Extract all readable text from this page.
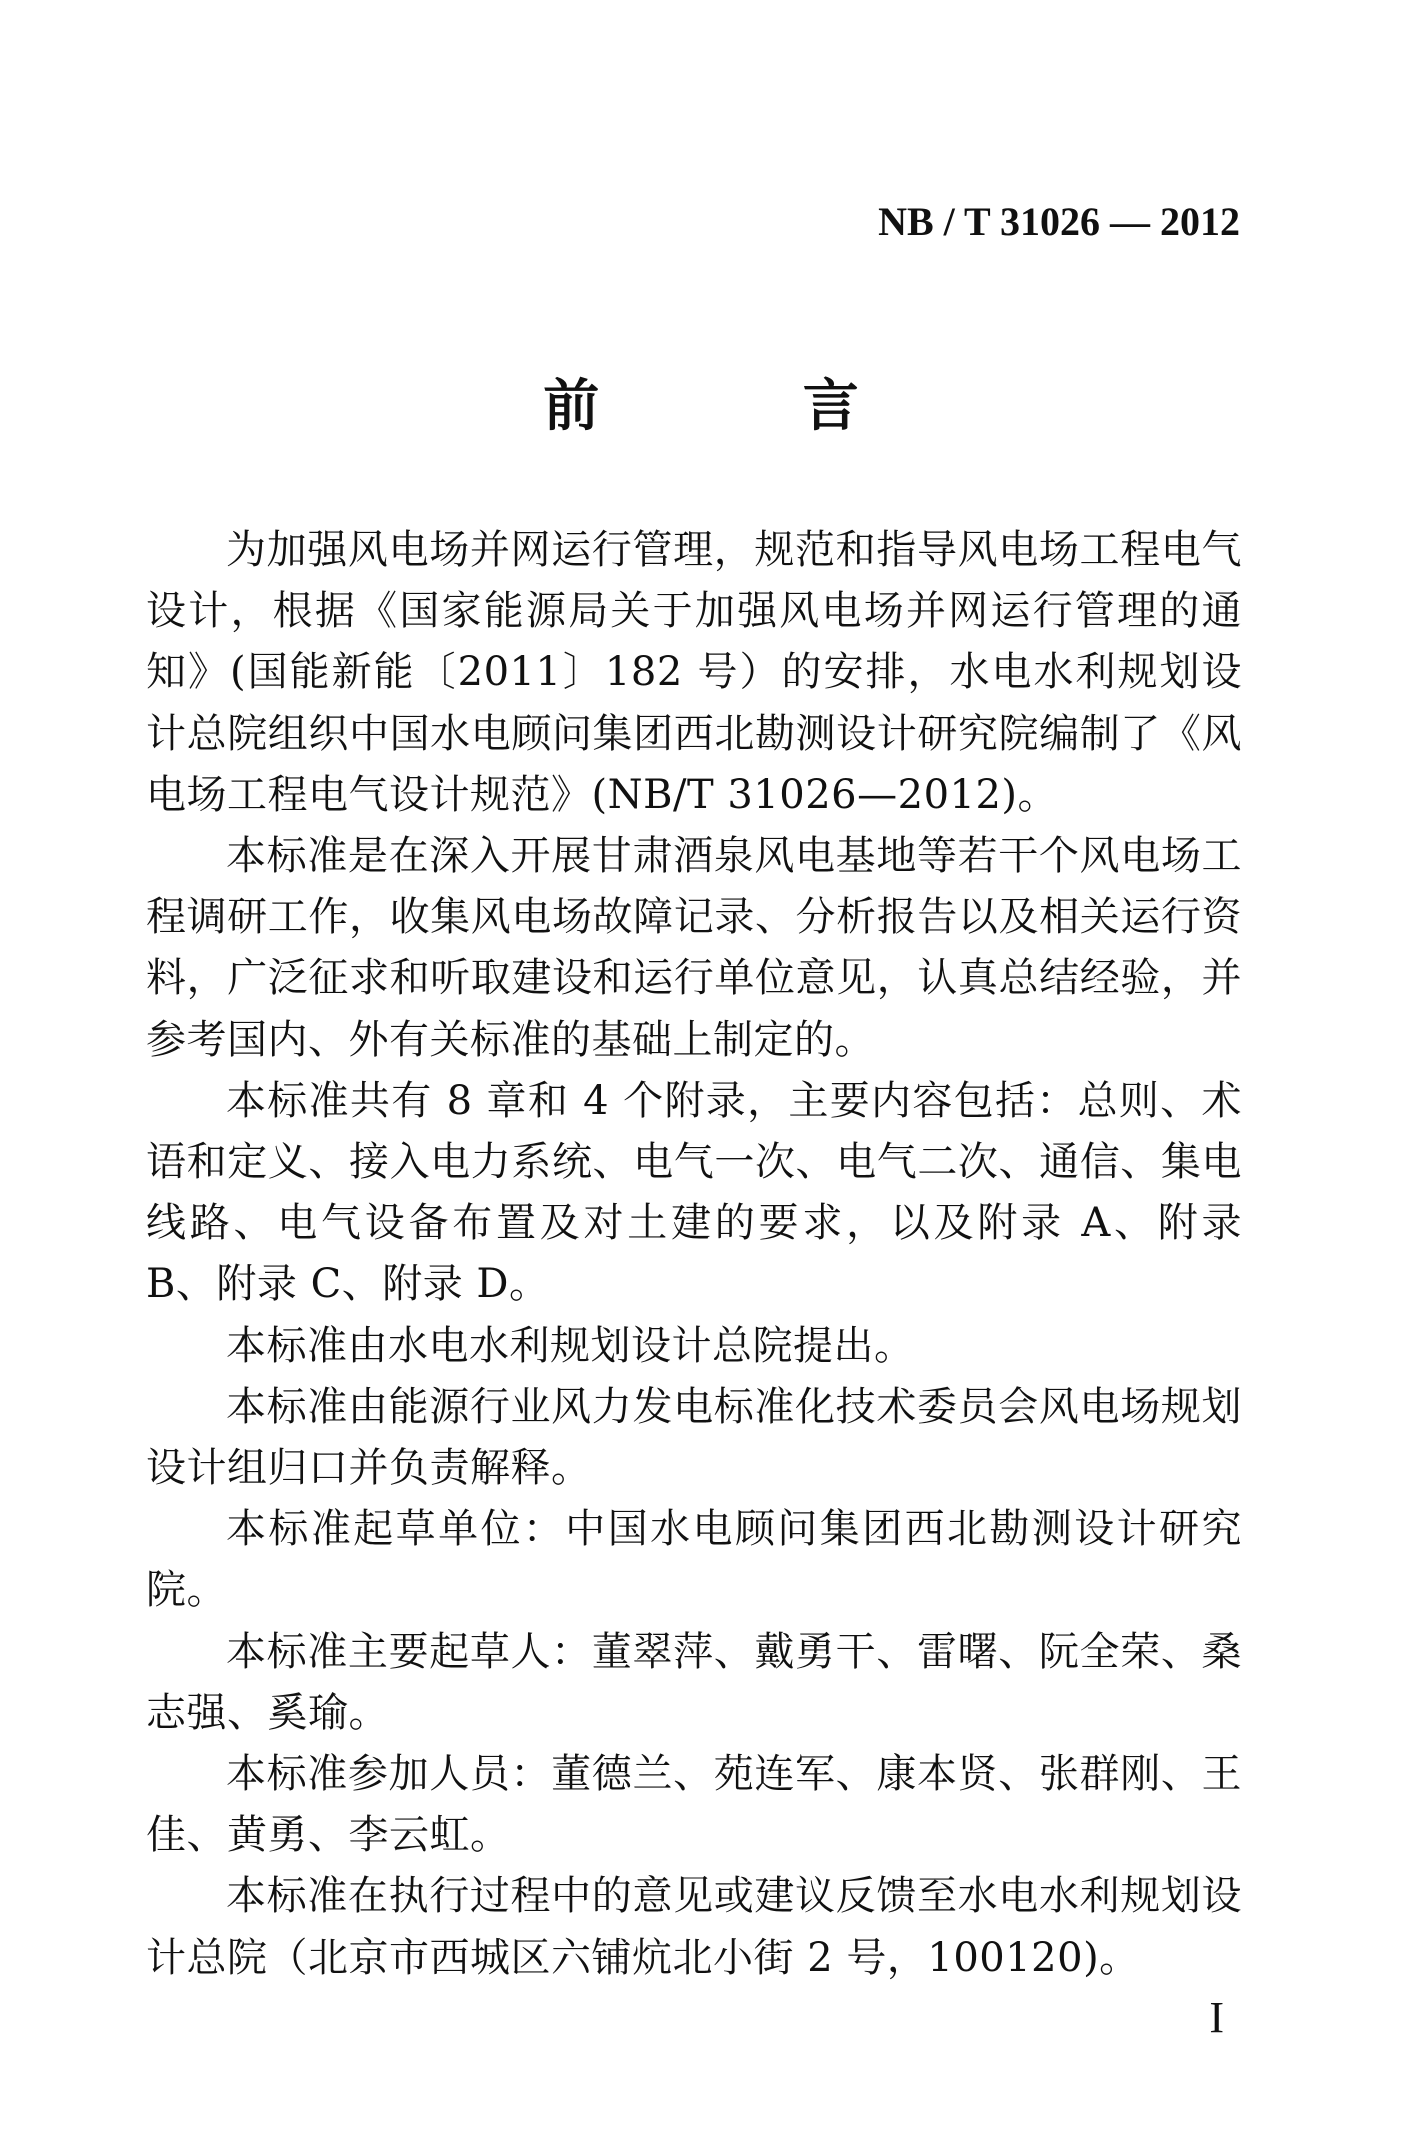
NB / T 31026 — 2012
前 言

为加强风电场并网运行管理，规范和指导风电场工程电气设计，根据《国家能源局关于加强风电场并网运行管理的通知》(国能新能〔2011〕182 号）的安排，水电水利规划设计总院组织中国水电顾问集团西北勘测设计研究院编制了《风电场工程电气设计规范》(NB/T 31026—2012)。

本标准是在深入开展甘肃酒泉风电基地等若干个风电场工程调研工作，收集风电场故障记录、分析报告以及相关运行资料，广泛征求和听取建设和运行单位意见，认真总结经验，并参考国内、外有关标准的基础上制定的。

本标准共有 8 章和 4 个附录，主要内容包括：总则、术语和定义、接入电力系统、电气一次、电气二次、通信、集电线路、电气设备布置及对土建的要求，以及附录 A、附录 B、附录 C、附录 D。

本标准由水电水利规划设计总院提出。

本标准由能源行业风力发电标准化技术委员会风电场规划设计组归口并负责解释。

本标准起草单位：中国水电顾问集团西北勘测设计研究院。

本标准主要起草人：董翠萍、戴勇干、雷曙、阮全荣、桑志强、奚瑜。

本标准参加人员：董德兰、苑连军、康本贤、张群刚、王佳、黄勇、李云虹。

本标准在执行过程中的意见或建议反馈至水电水利规划设计总院（北京市西城区六铺炕北小街 2 号，100120)。

I
